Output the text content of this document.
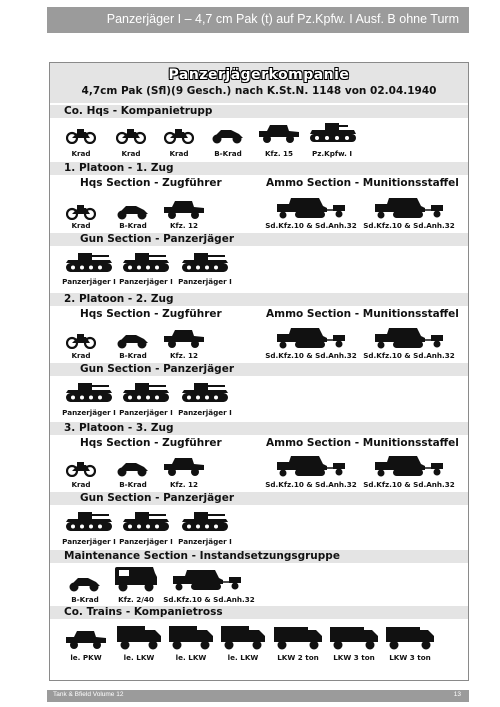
Panzerjäger I – 4,7 cm Pak (t) auf Pz.Kpfw. I Ausf. B ohne Turm
Panzerjägerkompanie
4,7cm Pak (Sfl)(9 Gesch.) nach K.St.N. 1148 von 02.04.1940
Co. Hqs - Kompanietrupp
Krad	Krad	Krad	B-Krad	Kfz. 15	Pz.Kpfw. I
1. Platoon - 1. Zug
Hqs Section - Zugführer	Ammo Section - Munitionsstaffel
Krad	B-Krad	Kfz. 12	Sd.Kfz.10 & Sd.Anh.32 Sd.Kfz.10 & Sd.Anh.32
Gun Section - Panzerjäger
Panzerjäger I Panzerjäger I Panzerjäger I
2. Platoon - 2. Zug
Hqs Section - Zugführer	Ammo Section - Munitionsstaffel
Krad	B-Krad	Kfz. 12	Sd.Kfz.10 & Sd.Anh.32 Sd.Kfz.10 & Sd.Anh.32
Gun Section - Panzerjäger
Panzerjäger I Panzerjäger I Panzerjäger I
3. Platoon - 3. Zug
Hqs Section - Zugführer	Ammo Section - Munitionsstaffel
Krad	B-Krad	Kfz. 12	Sd.Kfz.10 & Sd.Anh.32 Sd.Kfz.10 & Sd.Anh.32
Gun Section - Panzerjäger
Panzerjäger I Panzerjäger I Panzerjäger I
Maintenance Section - Instandsetzungsgruppe
B-Krad	Kfz. 2/40	Sd.Kfz.10 & Sd.Anh.32
Co. Trains - Kompanietross
le. PKW	le. LKW	le. LKW	le. LKW	LKW 2 ton	LKW 3 ton	LKW 3 ton
Tank & Bfield Volume 12	13
